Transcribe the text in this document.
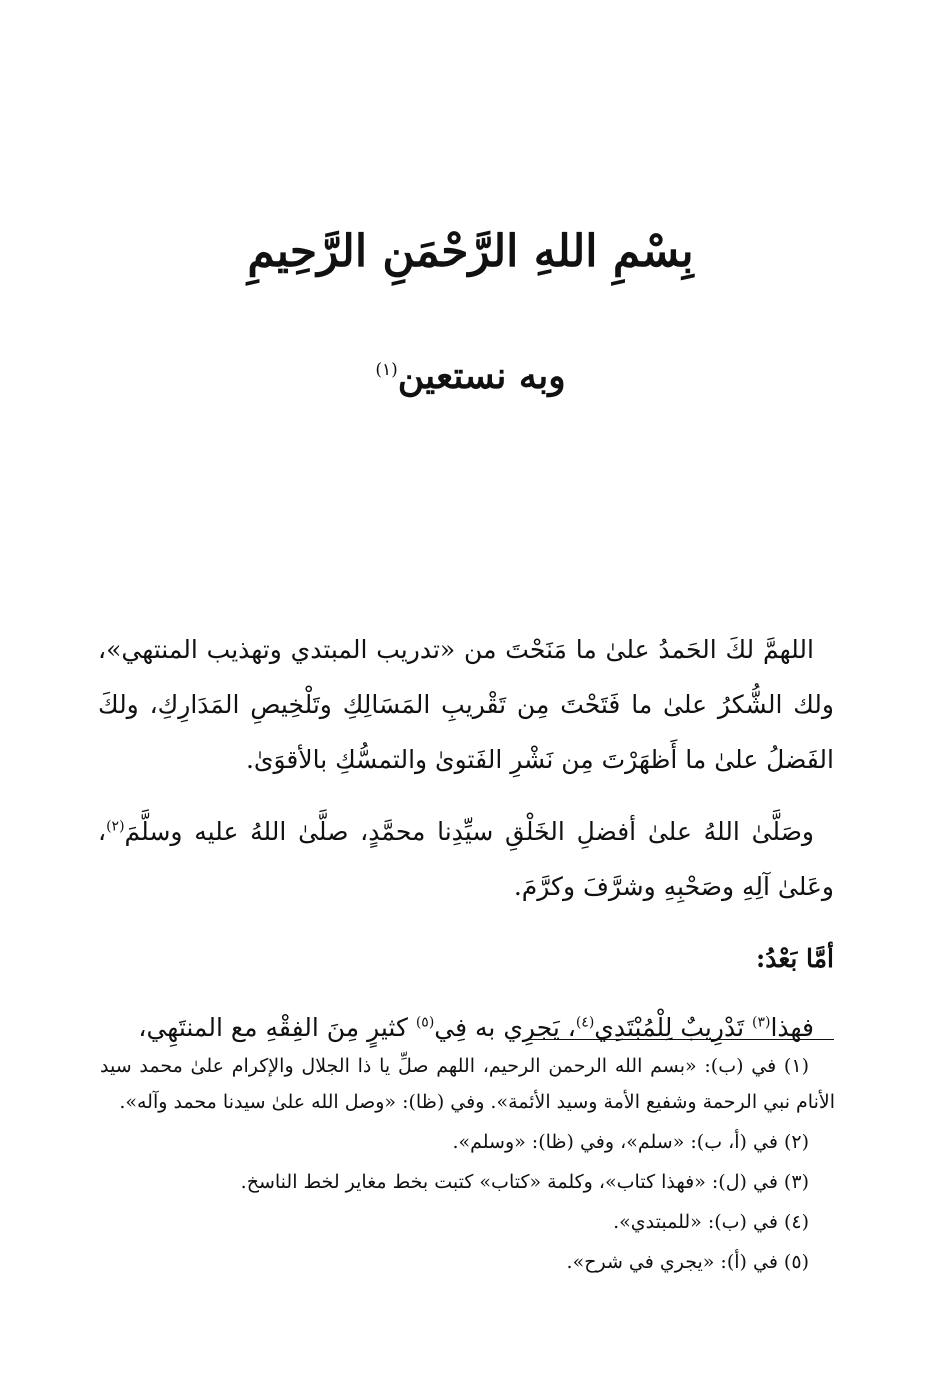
بِسْمِ اللهِ الرَّحْمَنِ الرَّحِيمِ
وبه نستعين$^{(١)}$

اللهمَّ لكَ الحَمدُ علىٰ ما مَنَحْتَ من «تدريب المبتدي وتهذيب المنتهي»، ولك الشُّكرُ علىٰ ما فَتَحْتَ مِن تَقْريبِ المَسَالِكِ وتَلْخِيصِ المَدَارِكِ، ولكَ الفَضلُ علىٰ ما أَظهَرْتَ مِن نَشْرِ الفَتوىٰ والتمسُّكِ بالأقوَىٰ.

وصَلَّىٰ اللهُ علىٰ أفضلِ الخَلْقِ سيِّدِنا محمَّدٍ، صلَّىٰ اللهُ عليه وسلَّمَ$^{(٢)}$، وعَلىٰ آلِهِ وصَحْبِهِ وشرَّفَ وكرَّمَ.

أمَّا بَعْدُ:

فهذا$^{(٣)}$ تَدْرِيبٌ لِلْمُبْتَدِي$^{(٤)}$، يَجرِي به فِي$^{(٥)}$ كثيرٍ مِنَ الفِقْهِ مع المنتَهِي،

(١) في (ب): «بسم الله الرحمن الرحيم، اللهم صلِّ يا ذا الجلال والإكرام علىٰ محمد سيد الأنام نبي الرحمة وشفيع الأمة وسيد الأئمة». وفي (ظا): «وصل الله علىٰ سيدنا محمد وآله».

(٢) في (أ، ب): «سلم»، وفي (ظا): «وسلم».

(٣) في (ل): «فهذا كتاب»، وكلمة «كتاب» كتبت بخط مغاير لخط الناسخ.

(٤) في (ب): «للمبتدي».

(٥) في (أ): «يجري في شرح».
